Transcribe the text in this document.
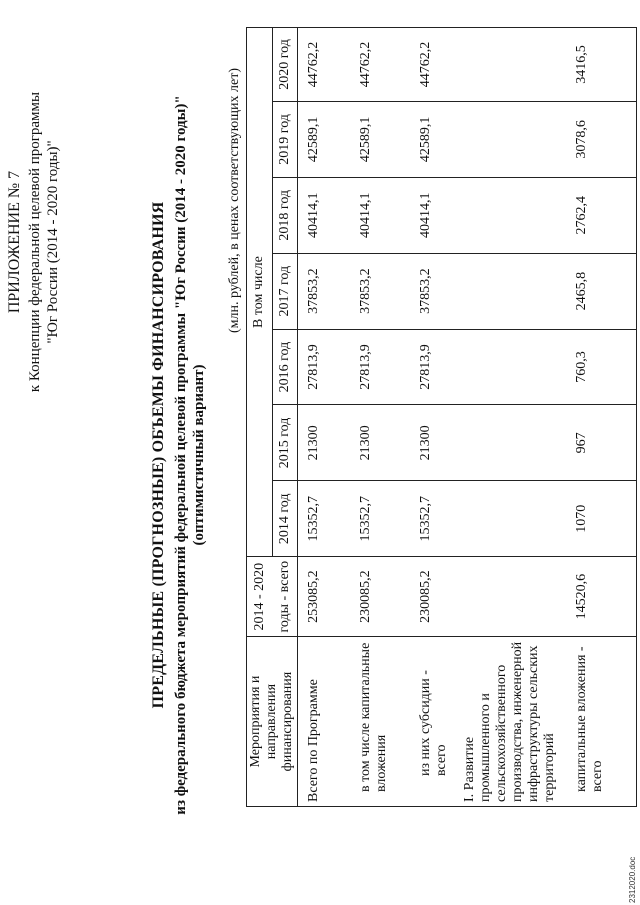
ПРИЛОЖЕНИЕ № 7 к Концепции федеральной целевой программы "Юг России (2014 - 2020 годы)"	ПРЕДЕЛЬНЫЕ (ПРОГНОЗНЫЕ) ОБЪЕМЫ ФИНАНСИРОВАНИЯ из федерального бюджета мероприятий федеральной целевой программы "Юг России (2014 - 2020 годы)" (оптимистичный вариант)
(млн. рублей, в ценах соответствующих лет)
Мероприятия и направления финансирования	2014 - 2020	В том числе						
	годы - всего	2014 год	2015 год	2016 год	2017 год	2018 год	2019 год	2020 год
Всего по Программе	253085,2	15352,7	21300	27813,9	37853,2	40414,1	42589,1	44762,2
в том числе капитальные вложения	230085,2	15352,7	21300	27813,9	37853,2	40414,1	42589,1	44762,2
из них субсидии - всего	230085,2	15352,7	21300	27813,9	37853,2	40414,1	42589,1	44762,2
I. Развитие промышленного и сельскохозяйственного производства, инженерной инфраструктуры сельских территорий								
капитальные вложения - всего	14520,6	1070	967	760,3	2465,8	2762,4	3078,6	3416,5
2312020.doc
